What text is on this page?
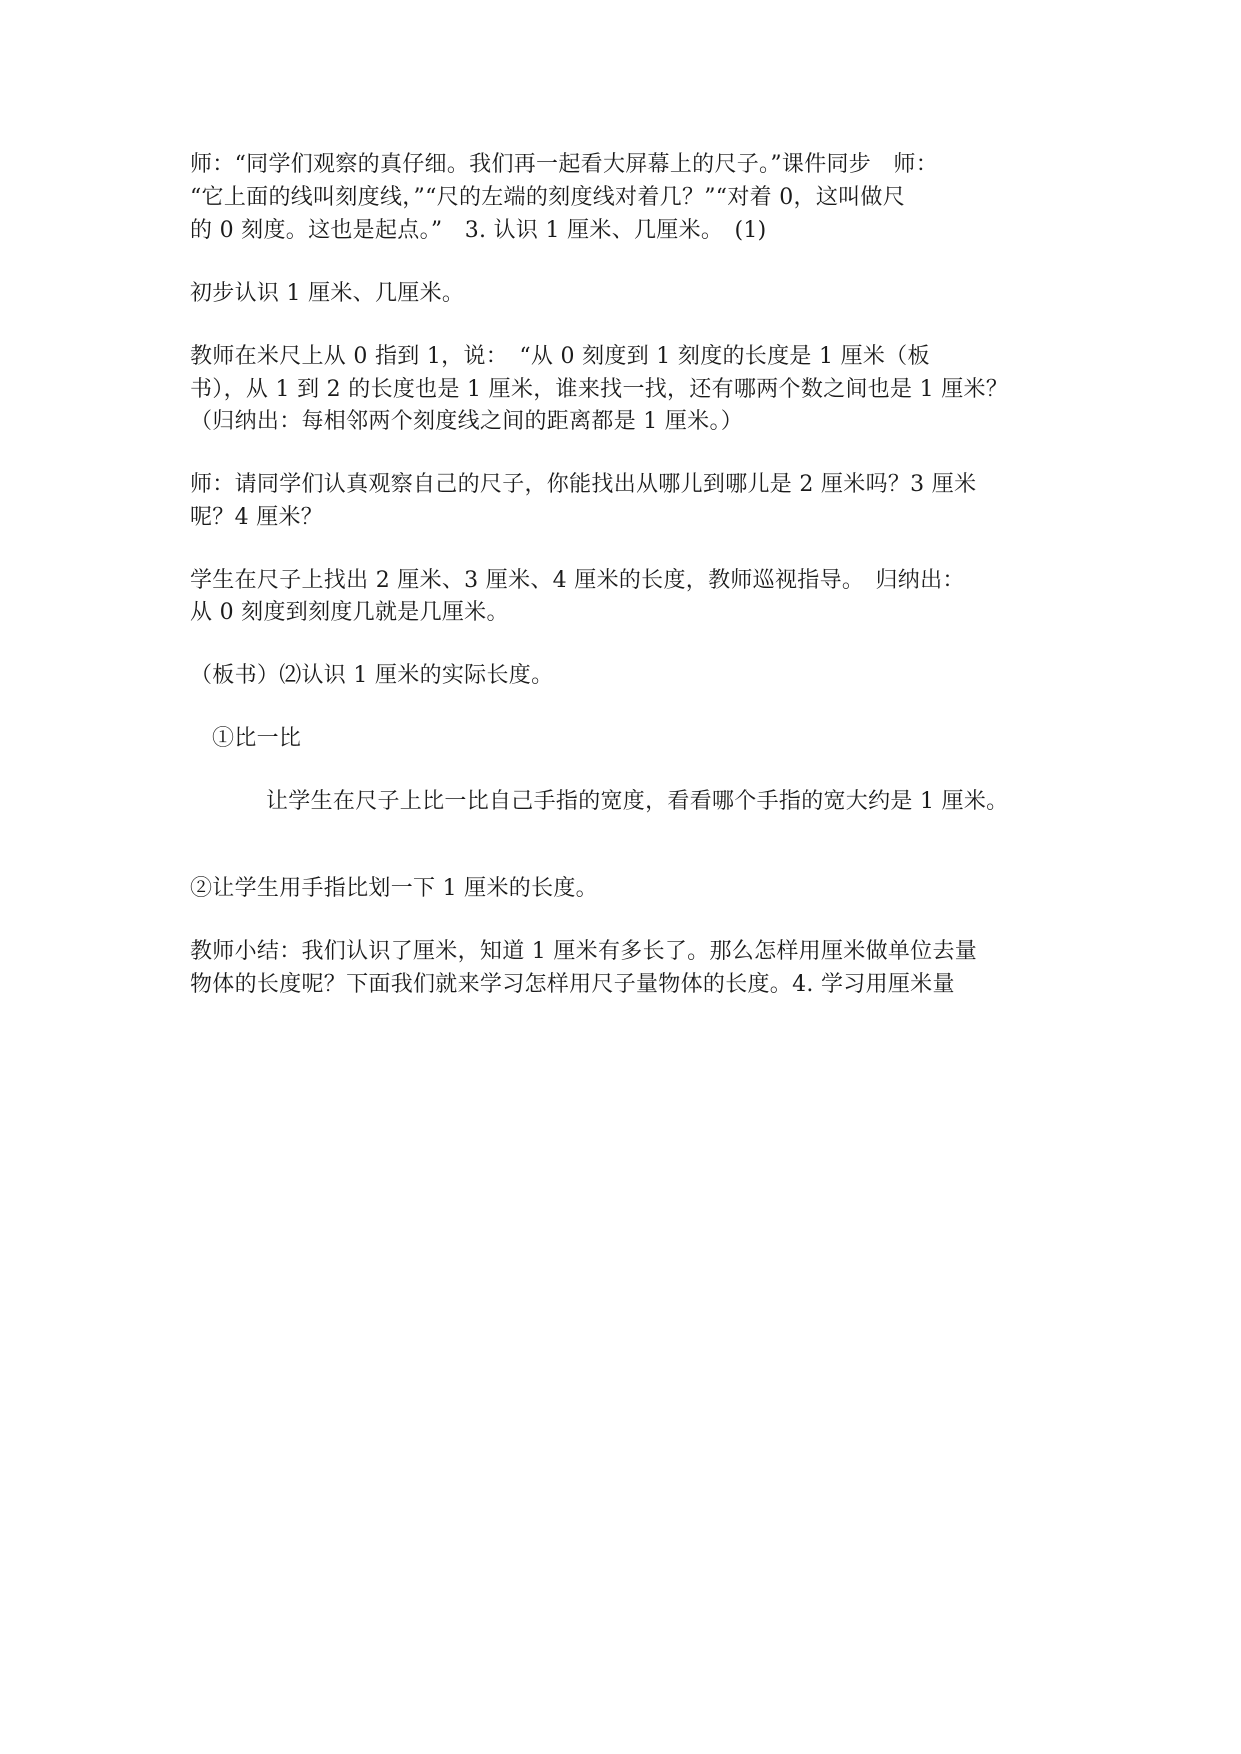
师：“同学们观察的真仔细。我们再一起看大屏幕上的尺子。”课件同步　师：
“它上面的线叫刻度线，”“尺的左端的刻度线对着几？”“对着 0，这叫做尺
的 0 刻度。这也是起点。”　3. 认识 1 厘米、几厘米。　(1)
初步认识 1 厘米、几厘米。
教师在米尺上从 0 指到 1，说：　“从 0 刻度到 1 刻度的长度是 1 厘米（板
书），从 1 到 2 的长度也是 1 厘米，谁来找一找，还有哪两个数之间也是 1 厘米？
（归纳出：每相邻两个刻度线之间的距离都是 1 厘米。）
师：请同学们认真观察自己的尺子，你能找出从哪儿到哪儿是 2 厘米吗？3 厘米
呢？4 厘米？
学生在尺子上找出 2 厘米、3 厘米、4 厘米的长度，教师巡视指导。　归纳出：
从 0 刻度到刻度几就是几厘米。
（板书）⑵认识 1 厘米的实际长度。
①比一比
让学生在尺子上比一比自己手指的宽度，看看哪个手指的宽大约是 1 厘米。
②让学生用手指比划一下 1 厘米的长度。
教师小结：我们认识了厘米，知道 1 厘米有多长了。那么怎样用厘米做单位去量
物体的长度呢？下面我们就来学习怎样用尺子量物体的长度。4. 学习用厘米量
